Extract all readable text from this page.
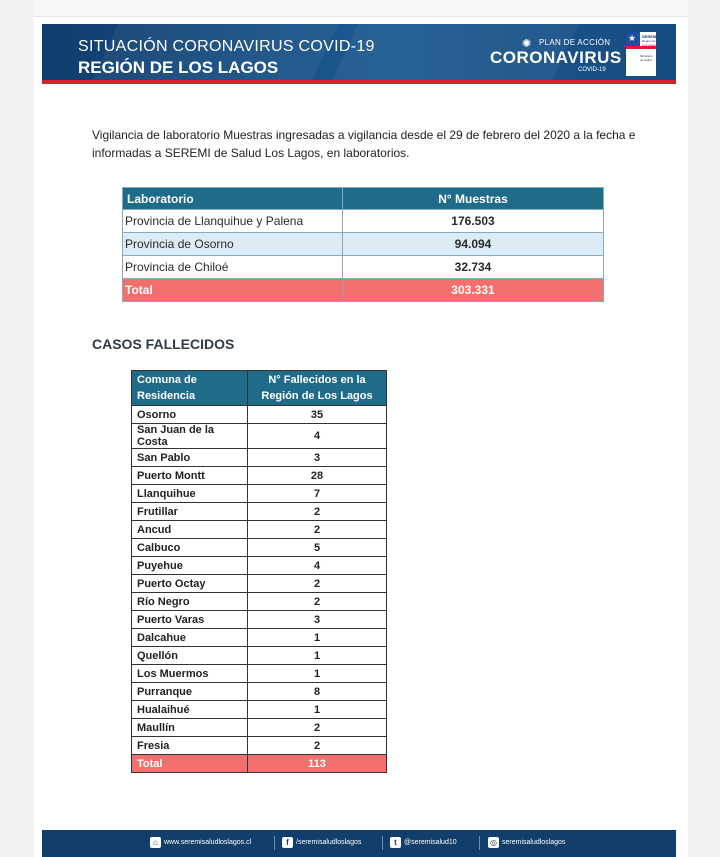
SITUACIÓN CORONAVIRUS COVID-19
REGIÓN DE LOS LAGOS
✺ PLAN DE ACCIÓN
CORONAVIRUS
COVID-19
★ SEREMI
Región de Los Lagos
Ministerio de Salud
Vigilancia de laboratorio Muestras ingresadas a vigilancia desde el 29 de febrero del 2020 a la fecha e informadas a SEREMI de Salud Los Lagos, en laboratorios.
Laboratorio	N° Muestras
Provincia de Llanquihue y Palena	176.503
Provincia de Osorno	94.094
Provincia de Chiloé	32.734
Total	303.331
CASOS FALLECIDOS
Comuna de Residencia	N° Fallecidos en la Región de Los Lagos
Osorno	35
San Juan de la Costa	4
San Pablo	3
Puerto Montt	28
Llanquihue	7
Frutillar	2
Ancud	2
Calbuco	5
Puyehue	4
Puerto Octay	2
Río Negro	2
Puerto Varas	3
Dalcahue	1
Quellón	1
Los Muermos	1
Purranque	8
Hualaihué	1
Maullín	2
Fresia	2
Total	113
⌂ www.seremisaludloslagos.cl	f	/seremisaludloslagos	t	@seremisalud10	◎ seremisaludloslagos
